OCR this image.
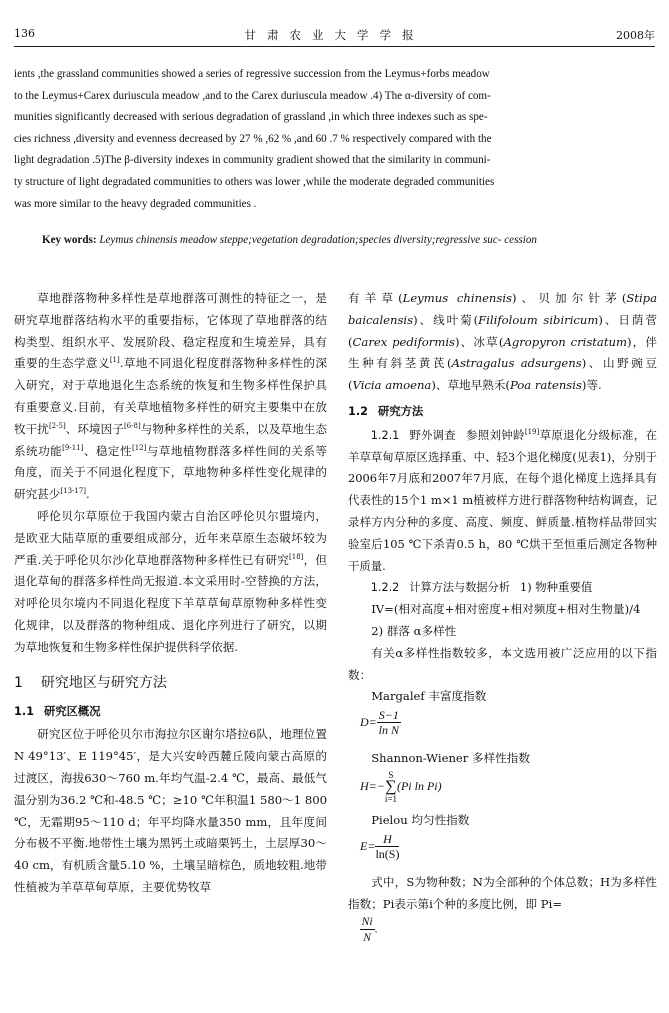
136	甘肃农业大学学报	2008年
ients ,the grassland communities showed a series of regressive succession from the Leymus+forbs meadow
to the Leymus+Carex duriuscula meadow ,and to the Carex duriuscula meadow .4) The α-diversity of com-
munities significantly decreased with serious degradation of grassland ,in which three indexes such as spe-
cies richness ,diversity and evenness decreased by 27 % ,62 % ,and 60 .7 % respectively compared with the
light degradation .5)The β-diversity indexes in community gradient showed that the similarity in communi-
ty structure of light degradated communities to others was lower ,while the moderate degraded communities
was more similar to the heavy degraded communities .
Key words: Leymus chinensis meadow steppe;vegetation degradation;species diversity;regressive suc- cession

草地群落物种多样性是草地群落可测性的特征之一，是研究草地群落结构水平的重要指标，它体现了草地群落的结构类型、组织水平、发展阶段、稳定程度和生境差异，具有重要的生态学意义[1].草地不同退化程度群落物种多样性的深入研究，对于草地退化生态系统的恢复和生物多样性保护具有重要意义.目前，有关草地植物多样性的研究主要集中在放牧干扰[2-5]、环境因子[6-8]与物种多样性的关系，以及草地生态系统功能[9-11]、稳定性[12]与草地植物群落多样性间的关系等角度，而关于不同退化程度下，草地物种多样性变化规律的研究甚少[13-17].

呼伦贝尔草原位于我国内蒙古自治区呼伦贝尔盟境内，是欧亚大陆草原的重要组成部分，近年来草原生态破坏较为严重.关于呼伦贝尔沙化草地群落物种多样性已有研究[18]，但退化草甸的群落多样性尚无报道.本文采用时-空替换的方法，对呼伦贝尔境内不同退化程度下羊草草甸草原物种多样性变化规律，以及群落的物种组成、退化序列进行了研究，以期为草地恢复和生物多样性保护提供科学依据.

1 研究地区与研究方法
1.1 研究区概况

研究区位于呼伦贝尔市海拉尔区谢尔塔拉6队，地理位置N 49°13′、E 119°45′，是大兴安岭西麓丘陵向蒙古高原的过渡区，海拔630～760 m.年均气温-2.4 ℃，最高、最低气温分别为36.2 ℃和-48.5 ℃；≥10 ℃年积温1 580～1 800 ℃，无霜期95～110 d；年平均降水量350 mm，且年度间分布极不平衡.地带性土壤为黑钙土或暗栗钙土，土层厚30～40 cm，有机质含量5.10 %，土壤呈暗棕色，质地较粗.地带性植被为羊草草甸草原，主要优势牧草

有羊草(Leymus chinensis)、贝加尔针茅(Stipa baicalensis)、线叶菊(Filifoloum sibiricum)、日荫菅(Carex pediformis)、冰草(Agropyron cristatum)，伴生种有斜茎黄芪(Astragalus adsurgens)、山野豌豆(Vicia amoena)、草地早熟禾(Poa ratensis)等.

1.2 研究方法

1.2.1 野外调查 参照刘钟龄[19]草原退化分级标准，在羊草草甸草原区选择重、中、轻3个退化梯度(见表1)，分别于2006年7月底和2007年7月底，在每个退化梯度上选择具有代表性的15个1 m×1 m植被样方进行群落物种结构调查，记录样方内分种的多度、高度、频度、鲜质量.植物样品带回实验室后105 ℃下杀青0.5 h，80 ℃烘干至恒重后测定各物种干质量.

1.2.2 计算方法与数据分析 1) 物种重要值

IV=(相对高度+相对密度+相对频度+相对生物量)/4

2) 群落 α多样性

有关α多样性指数较多，本文选用被广泛应用的以下指数：

Margalef 丰富度指数
$D= \frac{S-1}{\text{ln N}}$
Shannon-Wiener 多样性指数
H=−
S
∑
i=1
(Pi ln Pi)
Pielou 均匀性指数
$E= \frac{H}{\ln(S)}$

式中，S为物种数；N为全部种的个体总数；H为多样性指数；Pi表示第i个种的多度比例，即 Pi=

$\frac{Ni}{N}$ .
